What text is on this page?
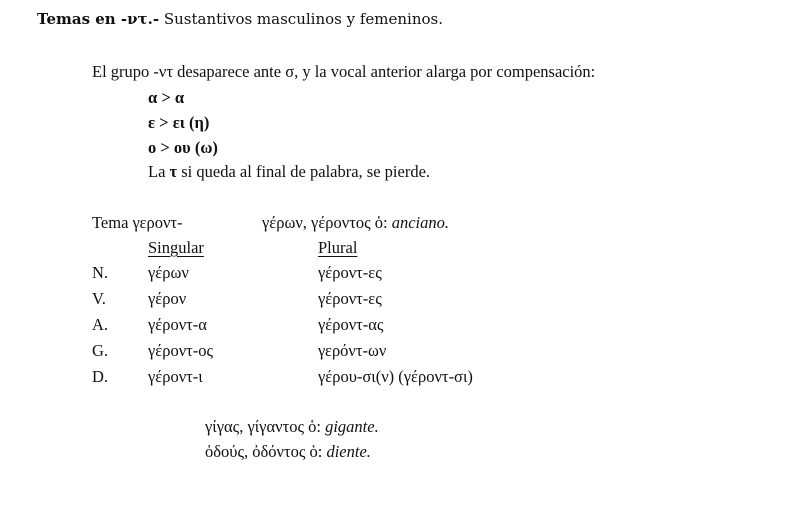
Temas en -ντ.- Sustantivos masculinos y femeninos.
El grupo -ντ desaparece ante σ, y la vocal anterior alarga por compensación:
α > α
ε > ει (η)
ο > ου (ω)
La τ si queda al final de palabra, se pierde.
Tema γεροντ-	γέρων, γέροντος ὁ: anciano.
Singular	Plural
N. γέρων	γέροντ-ες
V.	γέρον	γέροντ-ες
A. γέροντ-α	γέροντ-ας
G. γέροντ-ος	γερόντ-ων
D. γέροντ-ι	γέρου-σι(ν) (γέροντ-σι)
γίγας, γίγαντος ὁ: gigante.
ὀδούς, ὀδόντος ὁ: diente.
